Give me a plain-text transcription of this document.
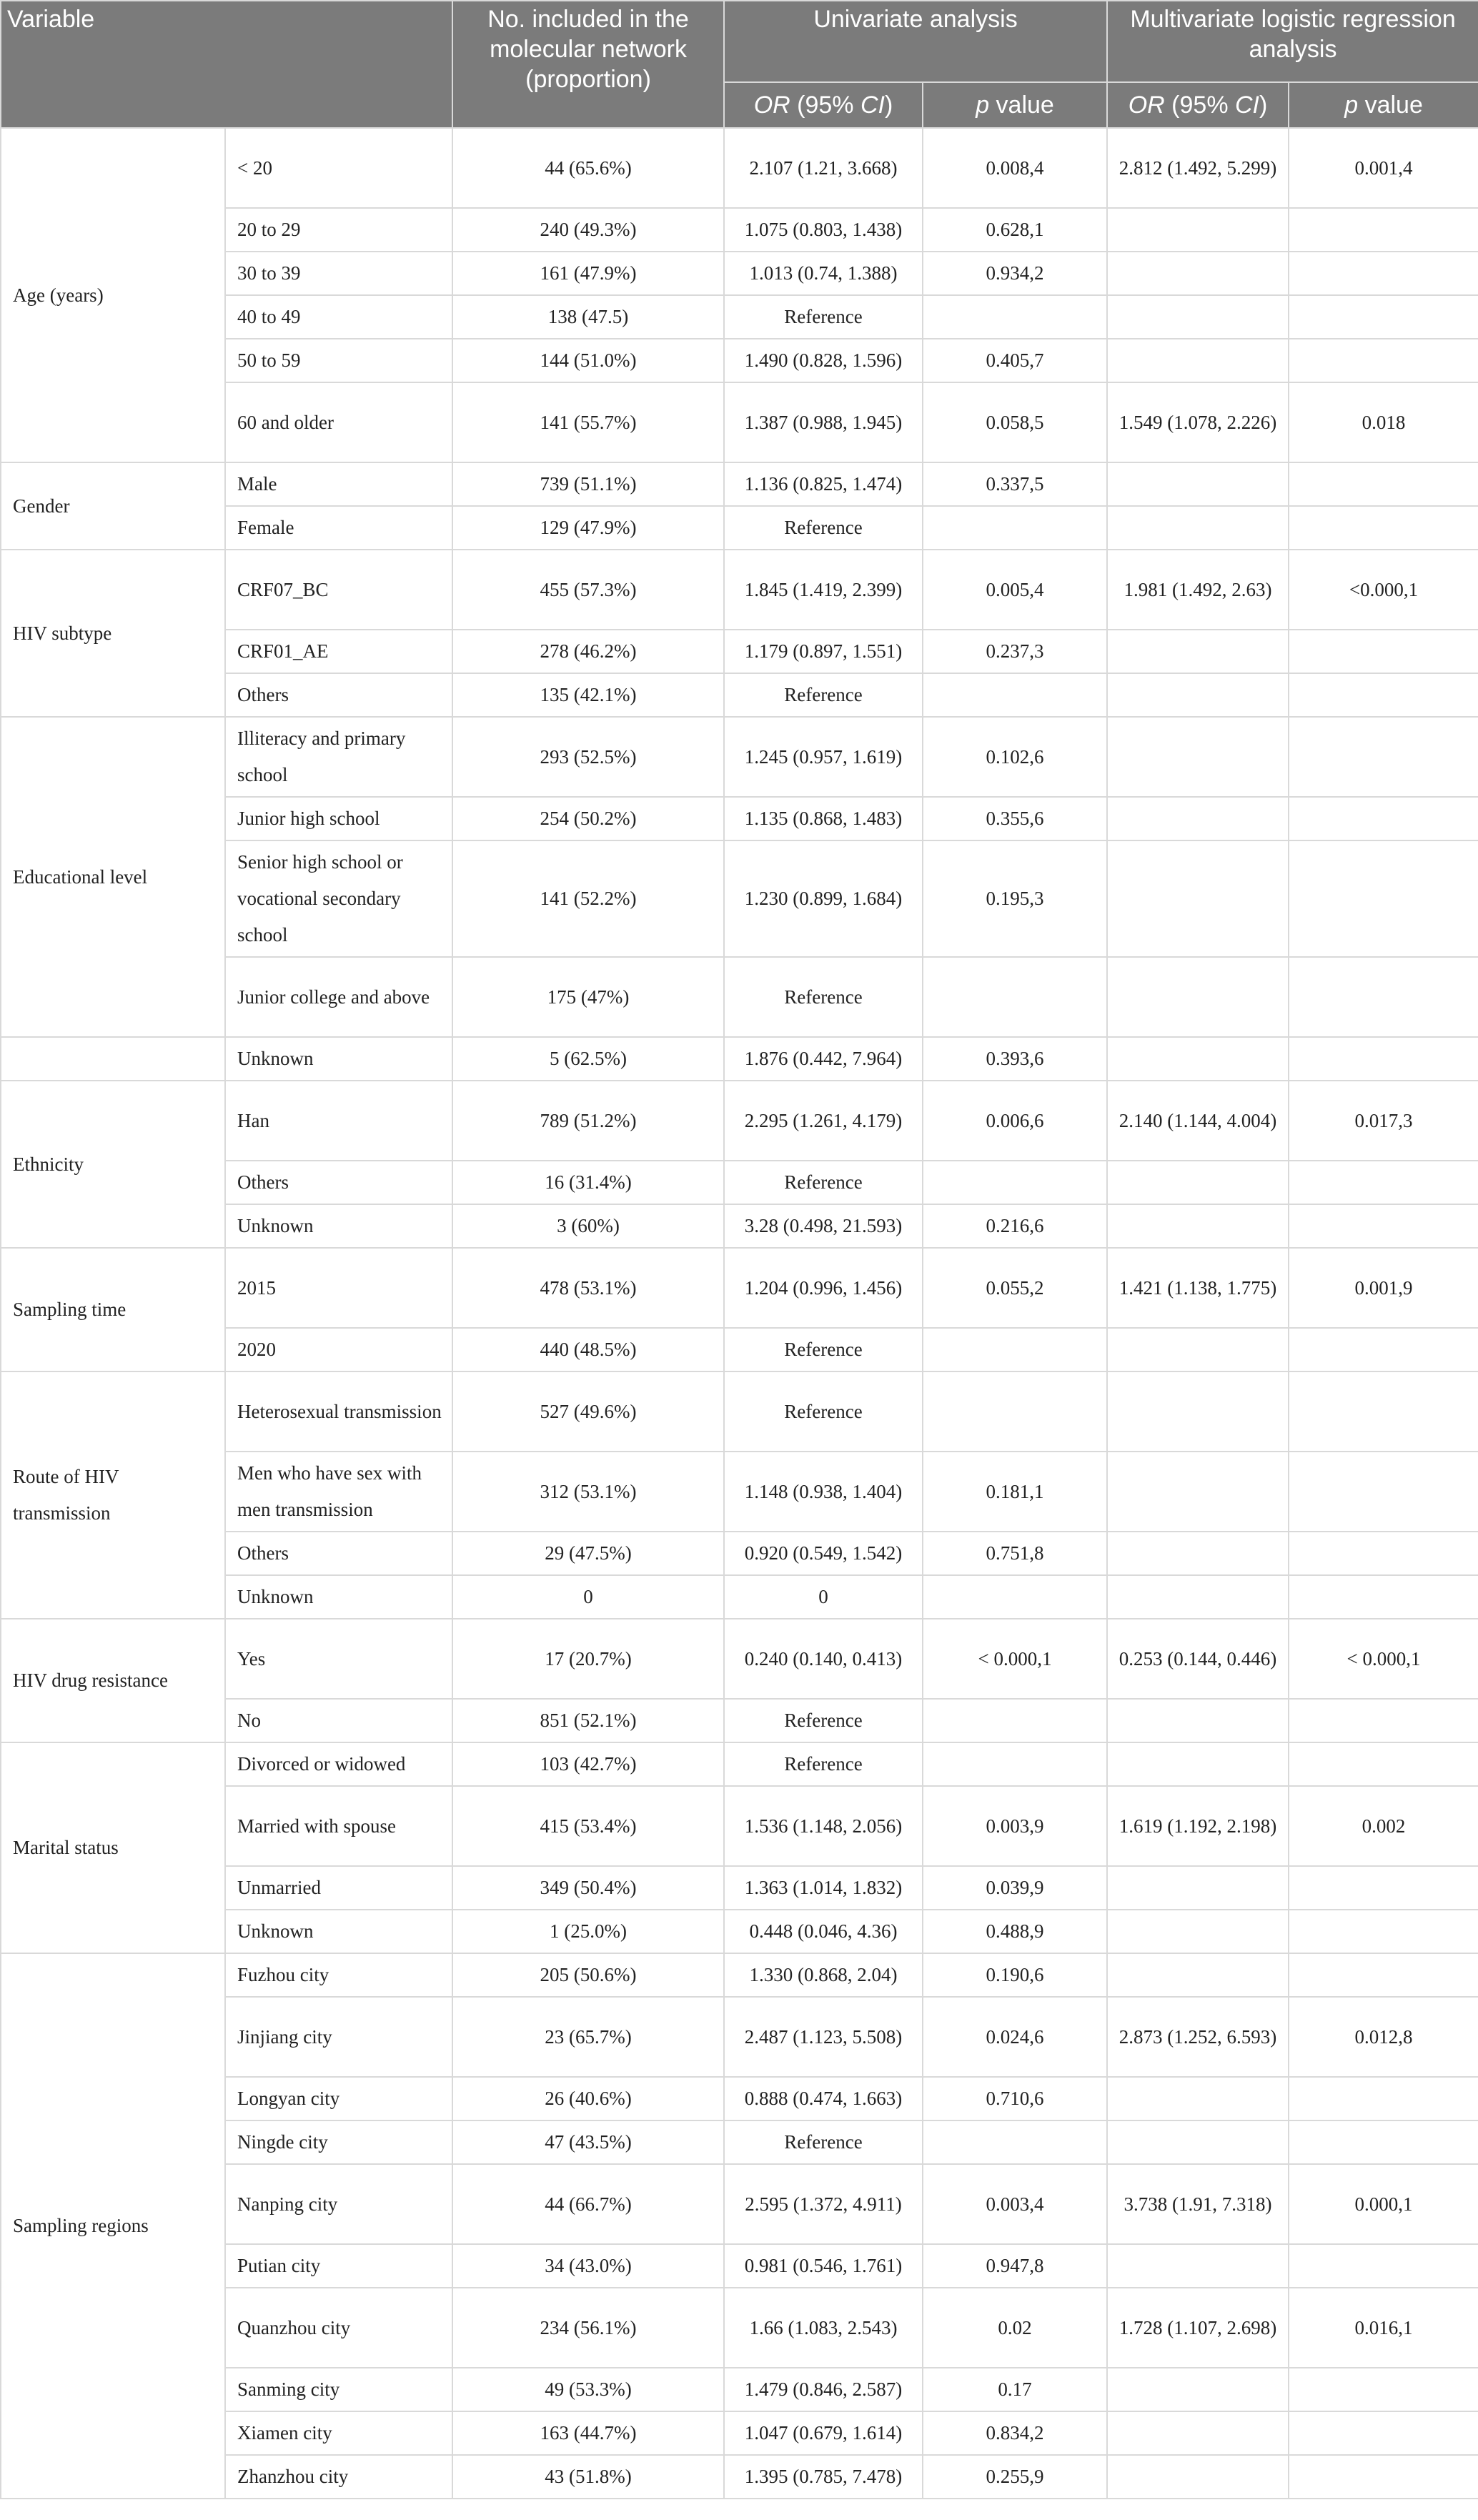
Variable		No. included in the molecular network (proportion)	Univariate analysis		Multivariate logistic regression analysis	
			OR (95% CI)	p value	OR (95% CI)	p value
Age (years)	< 20	44 (65.6%)	2.107 (1.21, 3.668)	0.008,4	2.812 (1.492, 5.299)	0.001,4
	20 to 29	240 (49.3%)	1.075 (0.803, 1.438)	0.628,1		
	30 to 39	161 (47.9%)	1.013 (0.74, 1.388)	0.934,2		
	40 to 49	138 (47.5)	Reference			
	50 to 59	144 (51.0%)	1.490 (0.828, 1.596)	0.405,7		
	60 and older	141 (55.7%)	1.387 (0.988, 1.945)	0.058,5	1.549 (1.078, 2.226)	0.018
Gender	Male	739 (51.1%)	1.136 (0.825, 1.474)	0.337,5		
	Female	129 (47.9%)	Reference			
HIV subtype	CRF07_BC	455 (57.3%)	1.845 (1.419, 2.399)	0.005,4	1.981 (1.492, 2.63)	<0.000,1
	CRF01_AE	278 (46.2%)	1.179 (0.897, 1.551)	0.237,3		
	Others	135 (42.1%)	Reference			
Educational level	Illiteracy and primary school	293 (52.5%)	1.245 (0.957, 1.619)	0.102,6		
	Junior high school	254 (50.2%)	1.135 (0.868, 1.483)	0.355,6		
	Senior high school or vocational secondary school	141 (52.2%)	1.230 (0.899, 1.684)	0.195,3		
	Junior college and above	175 (47%)	Reference			
	Unknown	5 (62.5%)	1.876 (0.442, 7.964)	0.393,6		
Ethnicity	Han	789 (51.2%)	2.295 (1.261, 4.179)	0.006,6	2.140 (1.144, 4.004)	0.017,3
	Others	16 (31.4%)	Reference			
	Unknown	3 (60%)	3.28 (0.498, 21.593)	0.216,6		
Sampling time	2015	478 (53.1%)	1.204 (0.996, 1.456)	0.055,2	1.421 (1.138, 1.775)	0.001,9
	2020	440 (48.5%)	Reference			
Route of HIV transmission	Heterosexual transmission	527 (49.6%)	Reference			
	Men who have sex with men transmission	312 (53.1%)	1.148 (0.938, 1.404)	0.181,1		
	Others	29 (47.5%)	0.920 (0.549, 1.542)	0.751,8		
	Unknown	0	0			
HIV drug resistance	Yes	17 (20.7%)	0.240 (0.140, 0.413)	< 0.000,1	0.253 (0.144, 0.446)	< 0.000,1
	No	851 (52.1%)	Reference			
Marital status	Divorced or widowed	103 (42.7%)	Reference			
	Married with spouse	415 (53.4%)	1.536 (1.148, 2.056)	0.003,9	1.619 (1.192, 2.198)	0.002
	Unmarried	349 (50.4%)	1.363 (1.014, 1.832)	0.039,9		
	Unknown	1 (25.0%)	0.448 (0.046, 4.36)	0.488,9		
Sampling regions	Fuzhou city	205 (50.6%)	1.330 (0.868, 2.04)	0.190,6		
	Jinjiang city	23 (65.7%)	2.487 (1.123, 5.508)	0.024,6	2.873 (1.252, 6.593)	0.012,8
	Longyan city	26 (40.6%)	0.888 (0.474, 1.663)	0.710,6		
	Ningde city	47 (43.5%)	Reference			
	Nanping city	44 (66.7%)	2.595 (1.372, 4.911)	0.003,4	3.738 (1.91, 7.318)	0.000,1
	Putian city	34 (43.0%)	0.981 (0.546, 1.761)	0.947,8		
	Quanzhou city	234 (56.1%)	1.66 (1.083, 2.543)	0.02	1.728 (1.107, 2.698)	0.016,1
	Sanming city	49 (53.3%)	1.479 (0.846, 2.587)	0.17		
	Xiamen city	163 (44.7%)	1.047 (0.679, 1.614)	0.834,2		
	Zhanzhou city	43 (51.8%)	1.395 (0.785, 7.478)	0.255,9		
